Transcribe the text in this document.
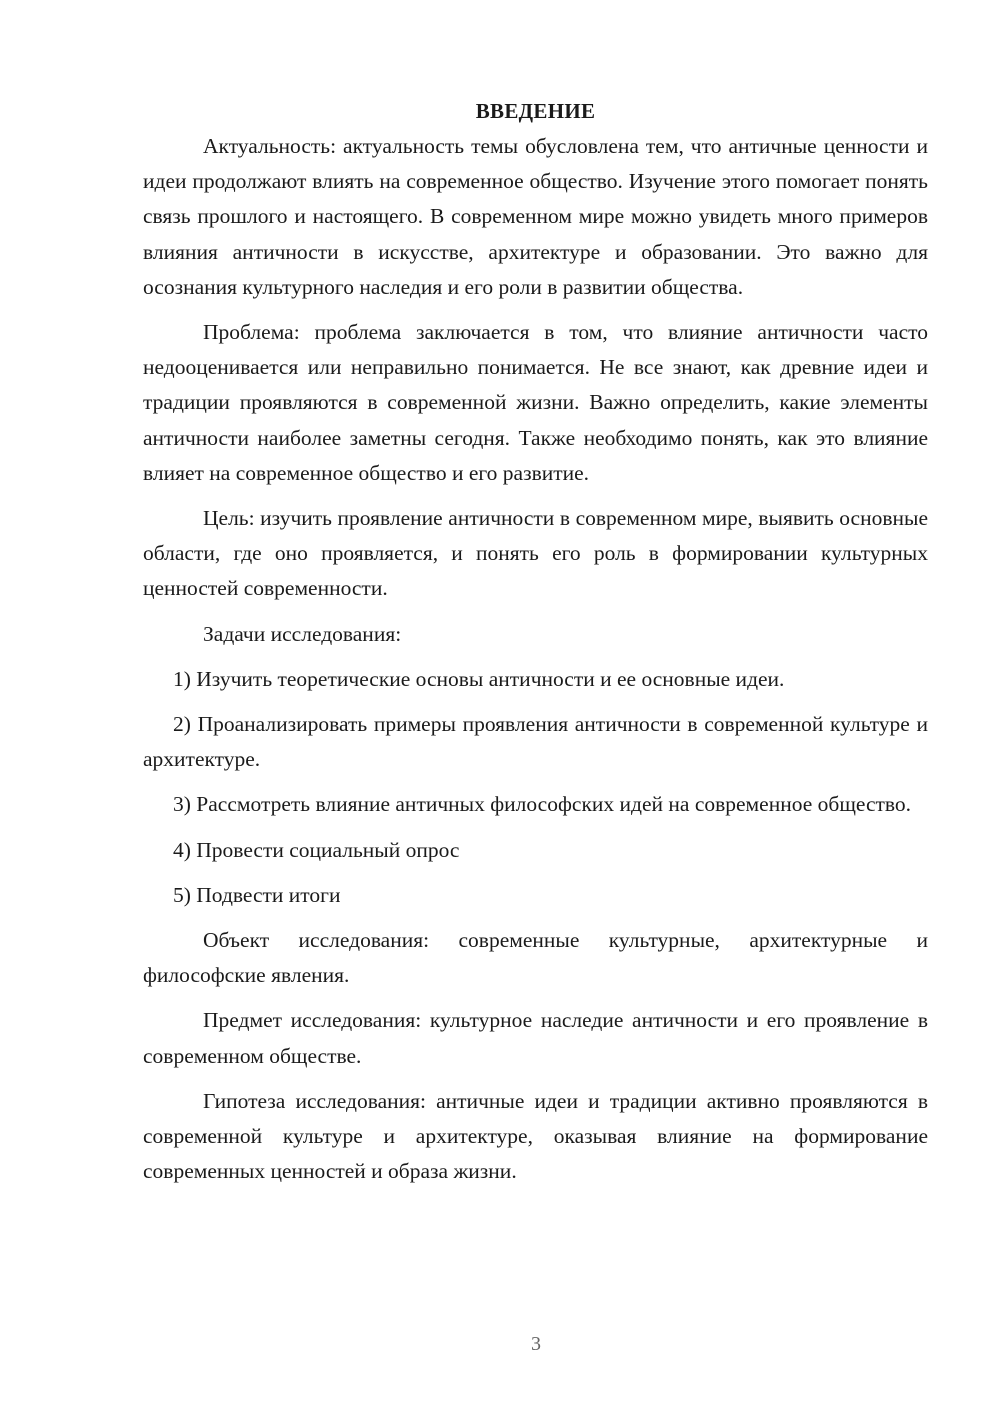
ВВЕДЕНИЕ

Актуальность: актуальность темы обусловлена тем, что античные ценности и идеи продолжают влиять на современное общество. Изучение этого помогает понять связь прошлого и настоящего. В современном мире можно увидеть много примеров влияния античности в искусстве, архитектуре и образовании. Это важно для осознания культурного наследия и его роли в развитии общества.

Проблема: проблема заключается в том, что влияние античности часто недооценивается или неправильно понимается. Не все знают, как древние идеи и традиции проявляются в современной жизни. Важно определить, какие элементы античности наиболее заметны сегодня. Также необходимо понять, как это влияние влияет на современное общество и его развитие.

Цель: изучить проявление античности в современном мире, выявить основные области, где оно проявляется, и понять его роль в формировании культурных ценностей современности.

Задачи исследования:

1) Изучить теоретические основы античности и ее основные идеи.

2) Проанализировать примеры проявления античности в современной культуре и архитектуре.

3) Рассмотреть влияние античных философских идей на современное общество.

4) Провести социальный опрос

5) Подвести итоги

Объект исследования: современные культурные, архитектурные и философские явления.

Предмет исследования: культурное наследие античности и его проявление в современном обществе.

Гипотеза исследования: античные идеи и традиции активно проявляются в современной культуре и архитектуре, оказывая влияние на формирование современных ценностей и образа жизни.

3
